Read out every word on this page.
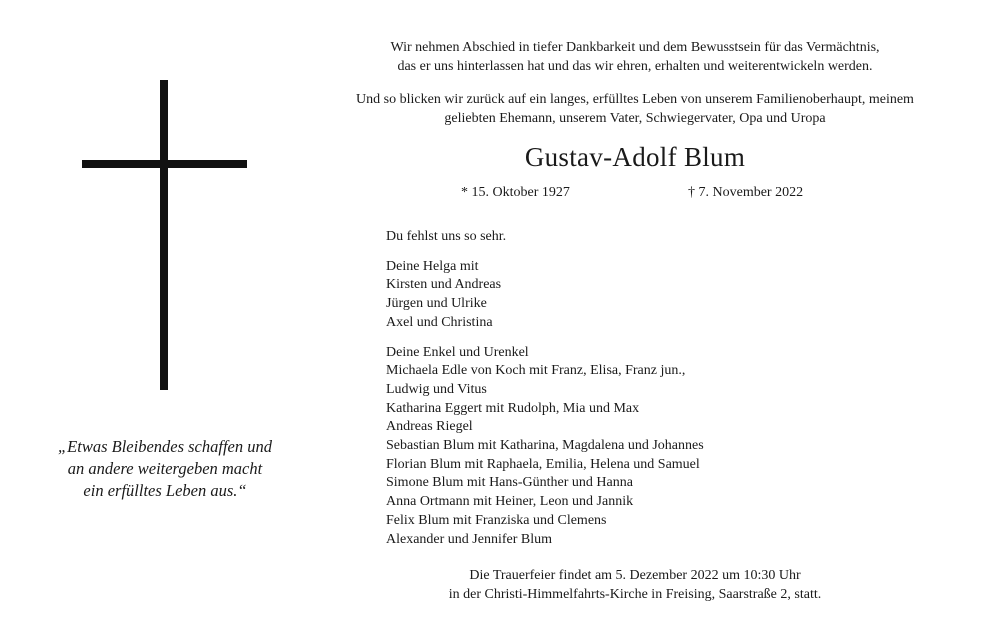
„Etwas Bleibendes schaffen und
an andere weitergeben macht
ein erfülltes Leben aus.“

Wir nehmen Abschied in tiefer Dankbarkeit und dem Bewusstsein für das Vermächtnis,
das er uns hinterlassen hat und das wir ehren, erhalten und weiterentwickeln werden.

Und so blicken wir zurück auf ein langes, erfülltes Leben von unserem Familienoberhaupt, meinem
geliebten Ehemann, unserem Vater, Schwiegervater, Opa und Uropa

Gustav-Adolf Blum
* 15. Oktober 1927	† 7. November 2022
Du fehlst uns so sehr.
Deine Helga mit
Kirsten und Andreas
Jürgen und Ulrike
Axel und Christina
Deine Enkel und Urenkel
Michaela Edle von Koch mit Franz, Elisa, Franz jun.,
Ludwig und Vitus
Katharina Eggert mit Rudolph, Mia und Max
Andreas Riegel
Sebastian Blum mit Katharina, Magdalena und Johannes
Florian Blum mit Raphaela, Emilia, Helena und Samuel
Simone Blum mit Hans-Günther und Hanna
Anna Ortmann mit Heiner, Leon und Jannik
Felix Blum mit Franziska und Clemens
Alexander und Jennifer Blum
Die Trauerfeier findet am 5. Dezember 2022 um 10:30 Uhr
in der Christi-Himmelfahrts-Kirche in Freising, Saarstraße 2, statt.
